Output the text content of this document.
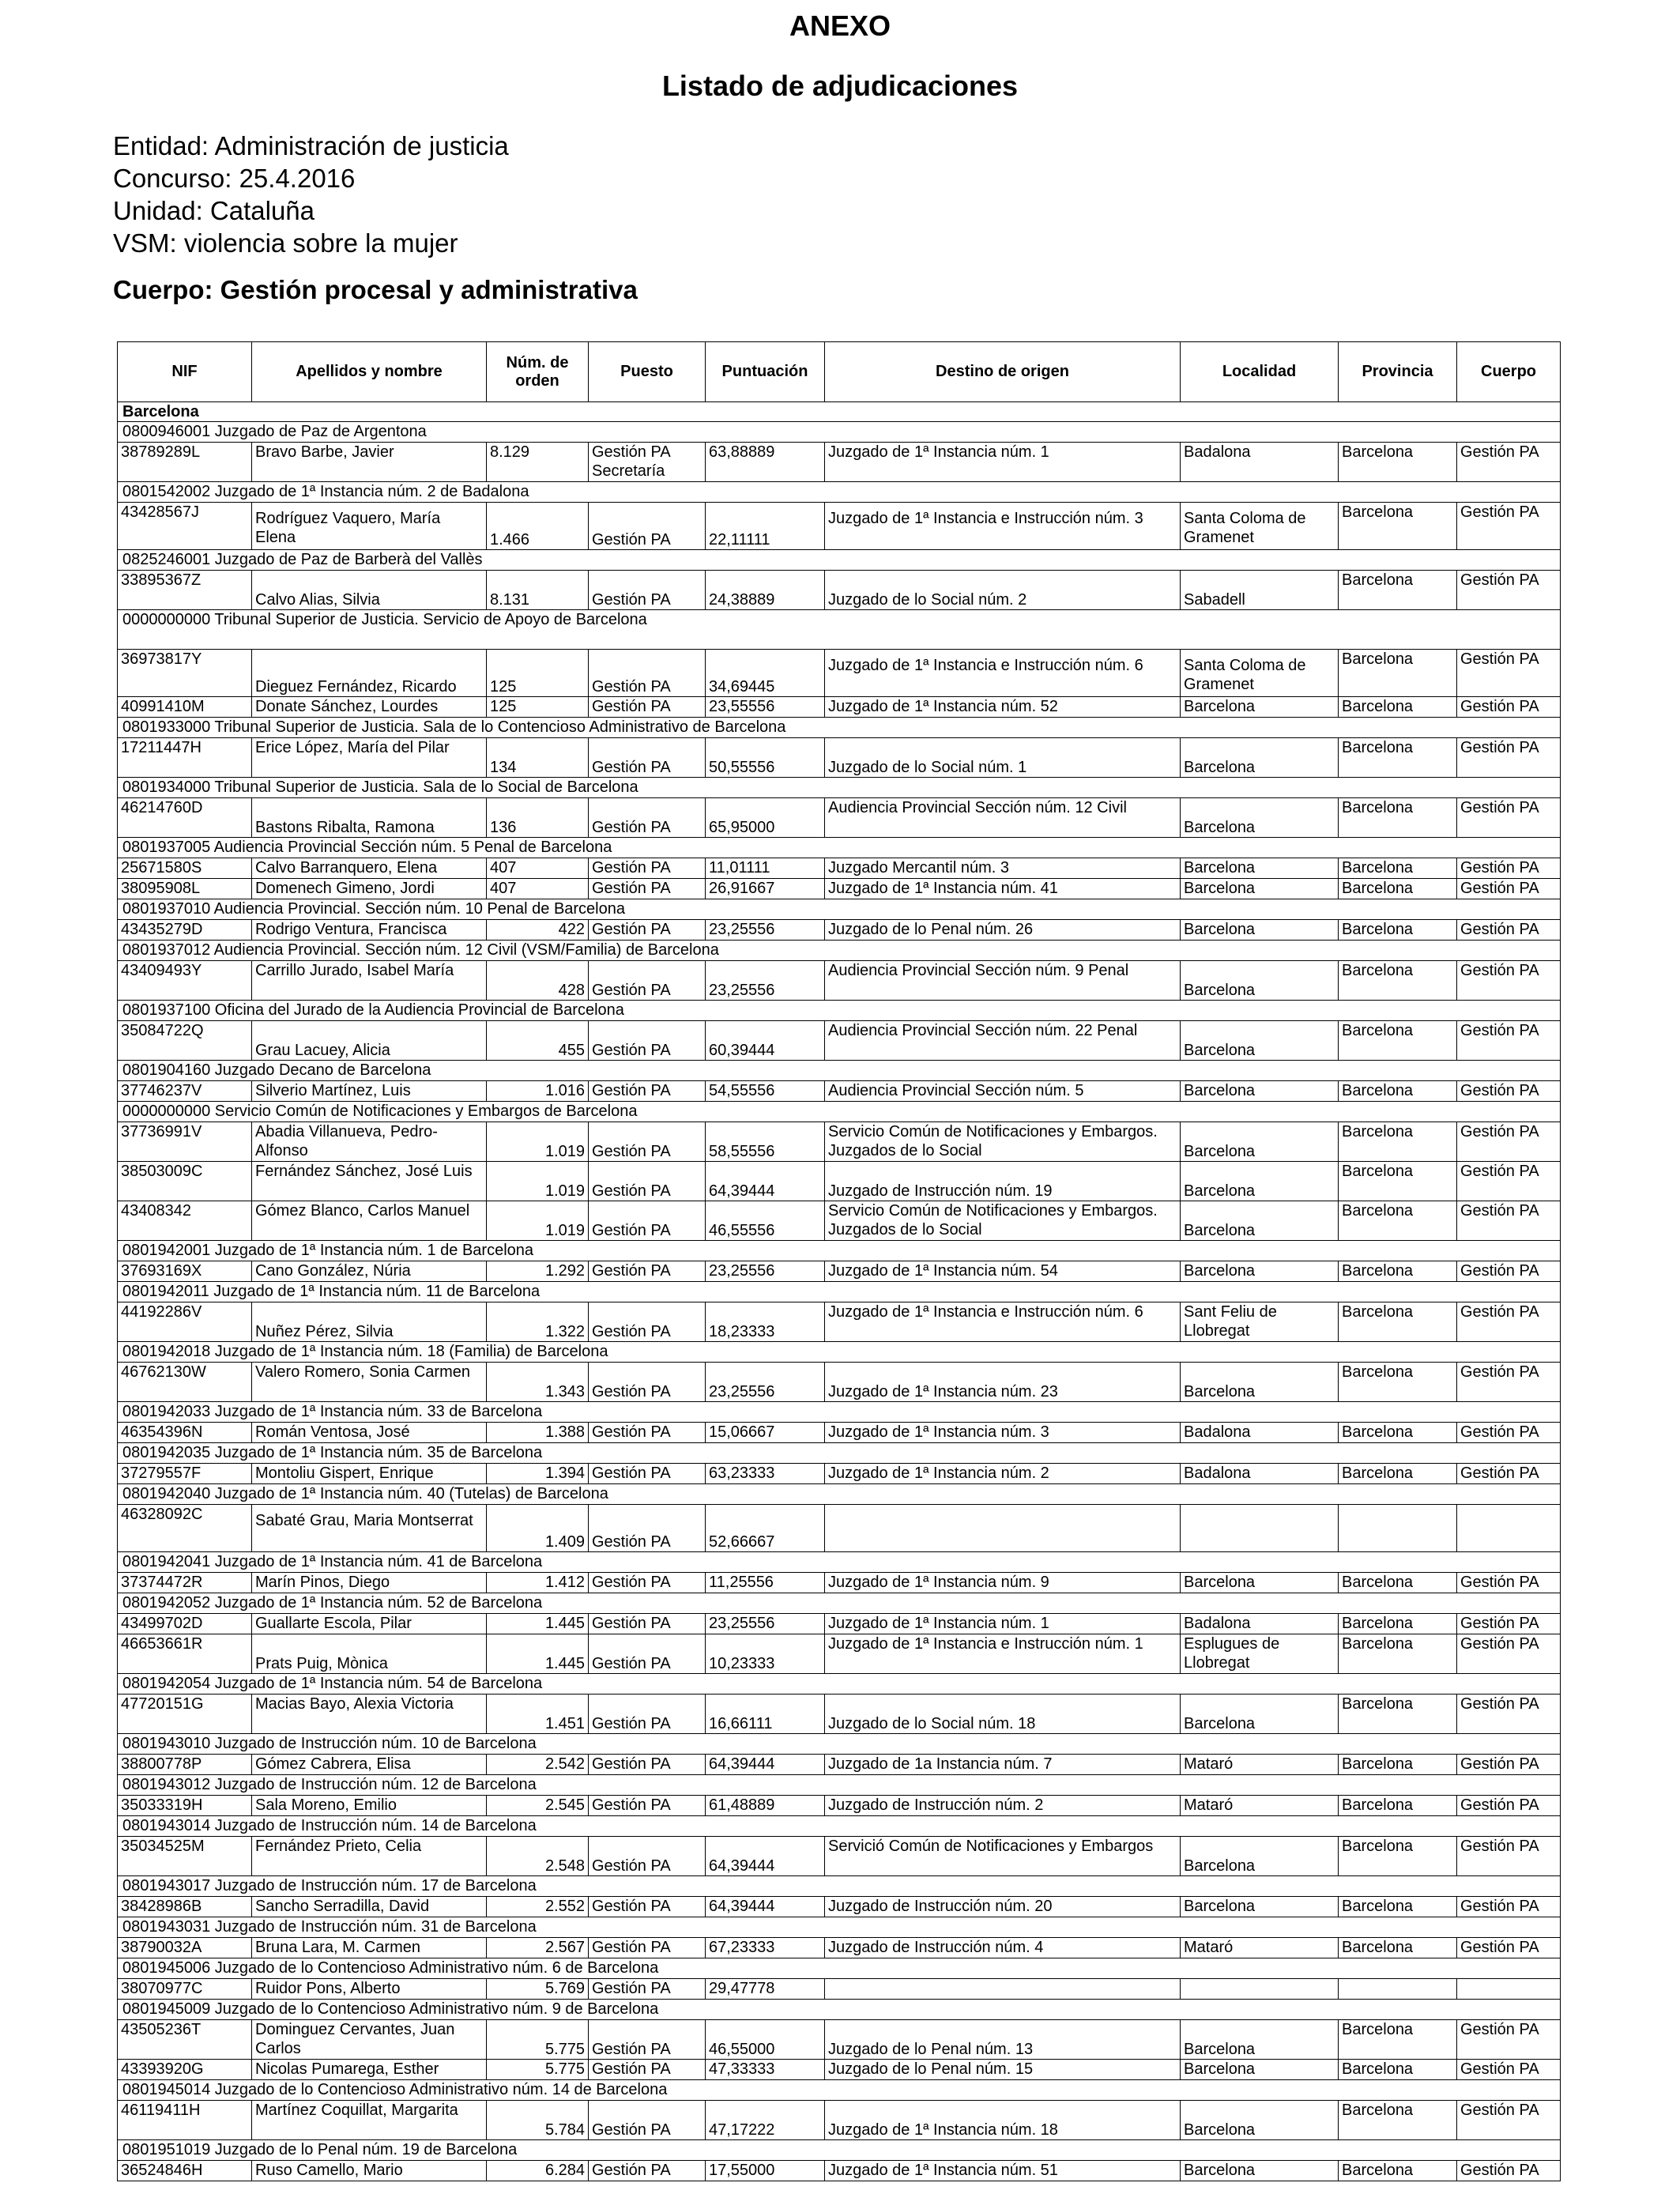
ANEXO
Listado de adjudicaciones
Entidad: Administración de justicia
Concurso: 25.4.2016
Unidad: Cataluña
VSM: violencia sobre la mujer
Cuerpo: Gestión procesal y administrativa
NIF	Apellidos y nombre	Núm. de orden	Puesto	Puntuación	Destino de origen	Localidad	Provincia	Cuerpo
Barcelona								
0800946001 Juzgado de Paz de Argentona								
38789289L	Bravo Barbe, Javier	8.129	Gestión PA Secretaría	63,88889	Juzgado de 1ª Instancia núm. 1	Badalona	Barcelona	Gestión PA
0801542002 Juzgado de 1ª Instancia núm. 2 de Badalona								
43428567J	Rodríguez Vaquero, María Elena	1.466	Gestión PA	22,11111	Juzgado de 1ª Instancia e Instrucción núm. 3	Santa Coloma de Gramenet	Barcelona	Gestión PA
0825246001 Juzgado de Paz de Barberà del Vallès								
33895367Z	Calvo Alias, Silvia	8.131	Gestión PA	24,38889	Juzgado de lo Social núm. 2	Sabadell	Barcelona	Gestión PA
0000000000 Tribunal Superior de Justicia. Servicio de Apoyo de Barcelona								
36973817Y	Dieguez Fernández, Ricardo	125	Gestión PA	34,69445	Juzgado de 1ª Instancia e Instrucción núm. 6	Santa Coloma de Gramenet	Barcelona	Gestión PA
40991410M	Donate Sánchez, Lourdes	125	Gestión PA	23,55556	Juzgado de 1ª Instancia núm. 52	Barcelona	Barcelona	Gestión PA
0801933000 Tribunal Superior de Justicia. Sala de lo Contencioso Administrativo de Barcelona								
17211447H	Erice López, María del Pilar	134	Gestión PA	50,55556	Juzgado de lo Social núm. 1	Barcelona	Barcelona	Gestión PA
0801934000 Tribunal Superior de Justicia. Sala de lo Social de Barcelona								
46214760D	Bastons Ribalta, Ramona	136	Gestión PA	65,95000	Audiencia Provincial Sección núm. 12 Civil	Barcelona	Barcelona	Gestión PA
0801937005 Audiencia Provincial Sección núm. 5 Penal de Barcelona								
25671580S	Calvo Barranquero, Elena	407	Gestión PA	11,01111	Juzgado Mercantil núm. 3	Barcelona	Barcelona	Gestión PA
38095908L	Domenech Gimeno, Jordi	407	Gestión PA	26,91667	Juzgado de 1ª Instancia núm. 41	Barcelona	Barcelona	Gestión PA
0801937010 Audiencia Provincial. Sección núm. 10 Penal de Barcelona								
43435279D	Rodrigo Ventura, Francisca	422	Gestión PA	23,25556	Juzgado de lo Penal núm. 26	Barcelona	Barcelona	Gestión PA
0801937012 Audiencia Provincial. Sección núm. 12 Civil (VSM/Familia) de Barcelona								
43409493Y	Carrillo Jurado, Isabel María	428	Gestión PA	23,25556	Audiencia Provincial Sección núm. 9 Penal	Barcelona	Barcelona	Gestión PA
0801937100 Oficina del Jurado de la Audiencia Provincial de Barcelona								
35084722Q	Grau Lacuey, Alicia	455	Gestión PA	60,39444	Audiencia Provincial Sección núm. 22 Penal	Barcelona	Barcelona	Gestión PA
0801904160 Juzgado Decano de Barcelona								
37746237V	Silverio Martínez, Luis	1.016	Gestión PA	54,55556	Audiencia Provincial Sección núm. 5	Barcelona	Barcelona	Gestión PA
0000000000 Servicio Común de Notificaciones y Embargos de Barcelona								
37736991V	Abadia Villanueva, Pedro-Alfonso	1.019	Gestión PA	58,55556	Servicio Común de Notificaciones y Embargos. Juzgados de lo Social	Barcelona	Barcelona	Gestión PA
38503009C	Fernández Sánchez, José Luis	1.019	Gestión PA	64,39444	Juzgado de Instrucción núm. 19	Barcelona	Barcelona	Gestión PA
43408342	Gómez Blanco, Carlos Manuel	1.019	Gestión PA	46,55556	Servicio Común de Notificaciones y Embargos. Juzgados de lo Social	Barcelona	Barcelona	Gestión PA
0801942001 Juzgado de 1ª Instancia núm. 1 de Barcelona								
37693169X	Cano González, Núria	1.292	Gestión PA	23,25556	Juzgado de 1ª Instancia núm. 54	Barcelona	Barcelona	Gestión PA
0801942011 Juzgado de 1ª Instancia núm. 11 de Barcelona								
44192286V	Nuñez Pérez, Silvia	1.322	Gestión PA	18,23333	Juzgado de 1ª Instancia e Instrucción núm. 6	Sant Feliu de Llobregat	Barcelona	Gestión PA
0801942018 Juzgado de 1ª Instancia núm. 18 (Familia) de Barcelona								
46762130W	Valero Romero, Sonia Carmen	1.343	Gestión PA	23,25556	Juzgado de 1ª Instancia núm. 23	Barcelona	Barcelona	Gestión PA
0801942033 Juzgado de 1ª Instancia núm. 33 de Barcelona								
46354396N	Román Ventosa, José	1.388	Gestión PA	15,06667	Juzgado de 1ª Instancia núm. 3	Badalona	Barcelona	Gestión PA
0801942035 Juzgado de 1ª Instancia núm. 35 de Barcelona								
37279557F	Montoliu Gispert, Enrique	1.394	Gestión PA	63,23333	Juzgado de 1ª Instancia núm. 2	Badalona	Barcelona	Gestión PA
0801942040 Juzgado de 1ª Instancia núm. 40 (Tutelas) de Barcelona								
46328092C	Sabaté Grau, Maria Montserrat	1.409	Gestión PA	52,66667				
0801942041 Juzgado de 1ª Instancia núm. 41 de Barcelona								
37374472R	Marín Pinos, Diego	1.412	Gestión PA	11,25556	Juzgado de 1ª Instancia núm. 9	Barcelona	Barcelona	Gestión PA
0801942052 Juzgado de 1ª Instancia núm. 52 de Barcelona								
43499702D	Guallarte Escola, Pilar	1.445	Gestión PA	23,25556	Juzgado de 1ª Instancia núm. 1	Badalona	Barcelona	Gestión PA
46653661R	Prats Puig, Mònica	1.445	Gestión PA	10,23333	Juzgado de 1ª Instancia e Instrucción núm. 1	Esplugues de Llobregat	Barcelona	Gestión PA
0801942054 Juzgado de 1ª Instancia núm. 54 de Barcelona								
47720151G	Macias Bayo, Alexia Victoria	1.451	Gestión PA	16,66111	Juzgado de lo Social núm. 18	Barcelona	Barcelona	Gestión PA
0801943010 Juzgado de Instrucción núm. 10 de Barcelona								
38800778P	Gómez Cabrera, Elisa	2.542	Gestión PA	64,39444	Juzgado de 1a Instancia núm. 7	Mataró	Barcelona	Gestión PA
0801943012 Juzgado de Instrucción núm. 12 de Barcelona								
35033319H	Sala Moreno, Emilio	2.545	Gestión PA	61,48889	Juzgado de Instrucción núm. 2	Mataró	Barcelona	Gestión PA
0801943014 Juzgado de Instrucción núm. 14 de Barcelona								
35034525M	Fernández Prieto, Celia	2.548	Gestión PA	64,39444	Servició Común de Notificaciones y Embargos	Barcelona	Barcelona	Gestión PA
0801943017 Juzgado de Instrucción núm. 17 de Barcelona								
38428986B	Sancho Serradilla, David	2.552	Gestión PA	64,39444	Juzgado de Instrucción núm. 20	Barcelona	Barcelona	Gestión PA
0801943031 Juzgado de Instrucción núm. 31 de Barcelona								
38790032A	Bruna Lara, M. Carmen	2.567	Gestión PA	67,23333	Juzgado de Instrucción núm. 4	Mataró	Barcelona	Gestión PA
0801945006 Juzgado de lo Contencioso Administrativo núm. 6 de Barcelona								
38070977C	Ruidor Pons, Alberto	5.769	Gestión PA	29,47778				
0801945009 Juzgado de lo Contencioso Administrativo núm. 9 de Barcelona								
43505236T	Dominguez Cervantes, Juan Carlos	5.775	Gestión PA	46,55000	Juzgado de lo Penal núm. 13	Barcelona	Barcelona	Gestión PA
43393920G	Nicolas Pumarega, Esther	5.775	Gestión PA	47,33333	Juzgado de lo Penal núm. 15	Barcelona	Barcelona	Gestión PA
0801945014 Juzgado de lo Contencioso Administrativo núm. 14 de Barcelona								
46119411H	Martínez Coquillat, Margarita	5.784	Gestión PA	47,17222	Juzgado de 1ª Instancia núm. 18	Barcelona	Barcelona	Gestión PA
0801951019 Juzgado de lo Penal núm. 19 de Barcelona								
36524846H	Ruso Camello, Mario	6.284	Gestión PA	17,55000	Juzgado de 1ª Instancia núm. 51	Barcelona	Barcelona	Gestión PA
